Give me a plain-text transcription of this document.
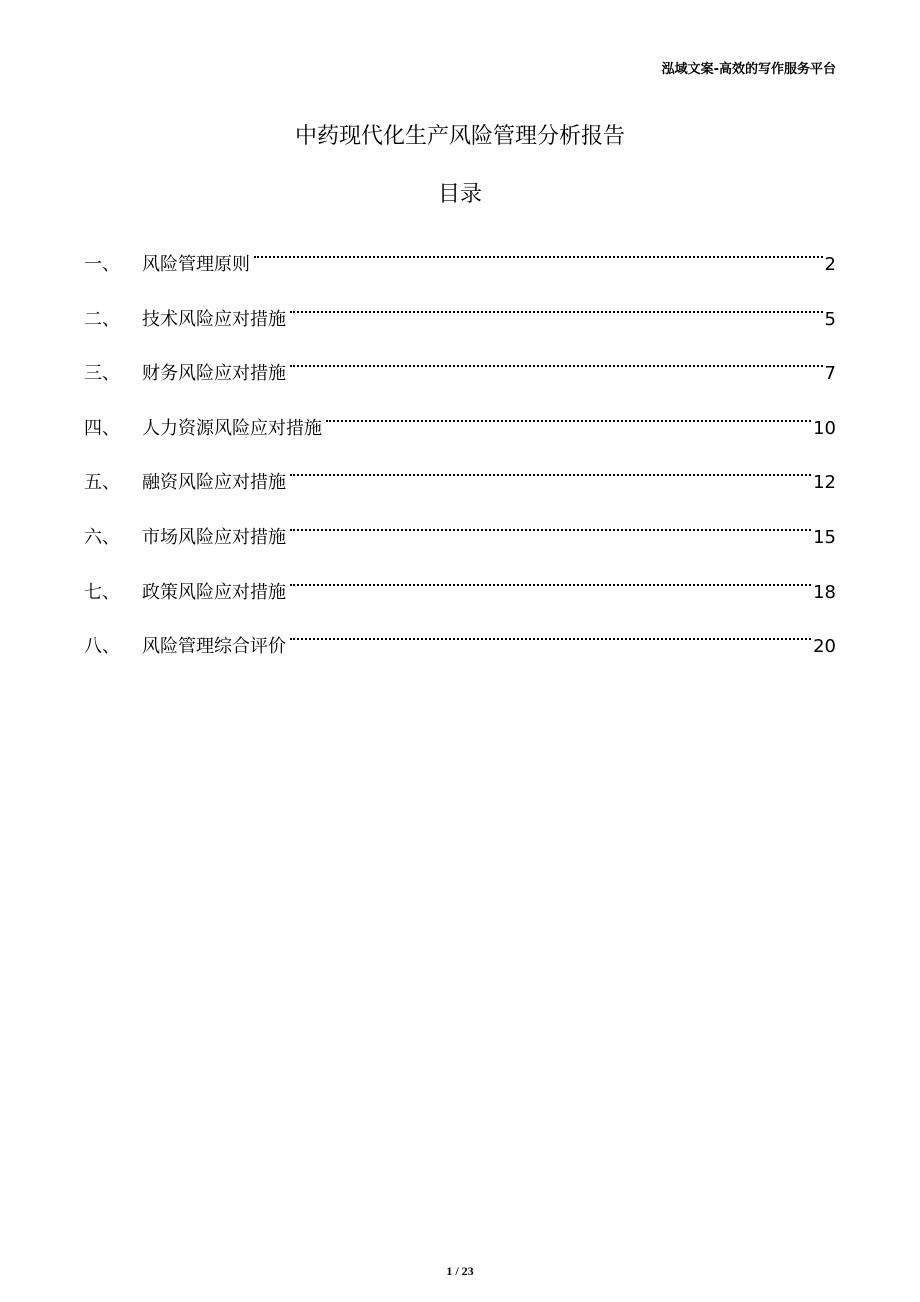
泓域文案-高效的写作服务平台
中药现代化生产风险管理分析报告
目录
一、	风险管理原则	2
二、	技术风险应对措施	5
三、	财务风险应对措施	7
四、	人力资源风险应对措施	10
五、	融资风险应对措施	12
六、	市场风险应对措施	15
七、	政策风险应对措施	18
八、	风险管理综合评价	20
1 / 23
